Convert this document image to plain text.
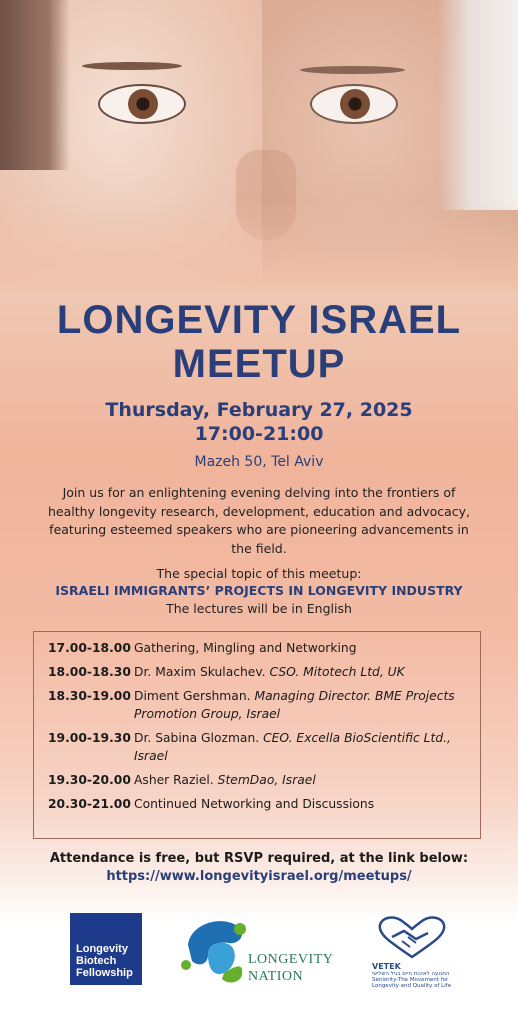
LONGEVITY ISRAEL
MEETUP
Thursday, February 27, 2025
17:00-21:00
Mazeh 50, Tel Aviv
Join us for an enlightening evening delving into the frontiers of healthy longevity research, development, education and advocacy, featuring esteemed speakers who are pioneering advancements in the field.
The special topic of this meetup:
ISRAELI IMMIGRANTS’ PROJECTS IN LONGEVITY INDUSTRY
The lectures will be in English
17.00-18.00 Gathering, Mingling and Networking
18.00-18.30 Dr. Maxim Skulachev. CSO. Mitotech Ltd, UK
18.30-19.00 Diment Gershman. Managing Director. BME Projects Promotion Group, Israel
19.00-19.30 Dr. Sabina Glozman. CEO. Excella BioScientific Ltd., Israel
19.30-20.00 Asher Raziel. StemDao, Israel
20.30-21.00 Continued Networking and Discussions
Attendance is free, but RSVP required, at the link below:
https://www.longevityisrael.org/meetups/
Longevity
Biotech
Fellowship
LONGEVITY
NATION
VETEK
התנועה לאיכות חיים בגיל השלישי
Seniority-The Movement for Longevity and Quality of Life
